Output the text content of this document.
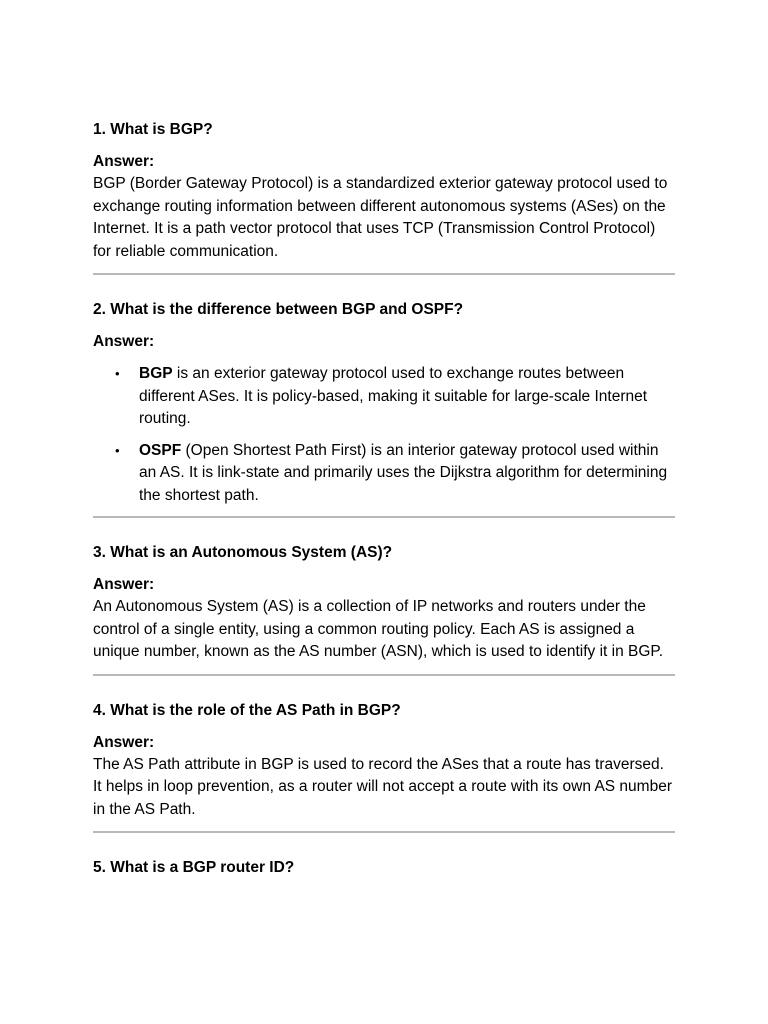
1. What is BGP?

Answer:

BGP (Border Gateway Protocol) is a standardized exterior gateway protocol used to exchange routing information between different autonomous systems (ASes) on the Internet. It is a path vector protocol that uses TCP (Transmission Control Protocol) for reliable communication.

2. What is the difference between BGP and OSPF?

Answer:

• BGP is an exterior gateway protocol used to exchange routes between different ASes. It is policy-based, making it suitable for large-scale Internet routing.
• OSPF (Open Shortest Path First) is an interior gateway protocol used within an AS. It is link-state and primarily uses the Dijkstra algorithm for determining the shortest path.

3. What is an Autonomous System (AS)?

Answer:

An Autonomous System (AS) is a collection of IP networks and routers under the control of a single entity, using a common routing policy. Each AS is assigned a unique number, known as the AS number (ASN), which is used to identify it in BGP.

4. What is the role of the AS Path in BGP?

Answer:

The AS Path attribute in BGP is used to record the ASes that a route has traversed. It helps in loop prevention, as a router will not accept a route with its own AS number in the AS Path.

5. What is a BGP router ID?
